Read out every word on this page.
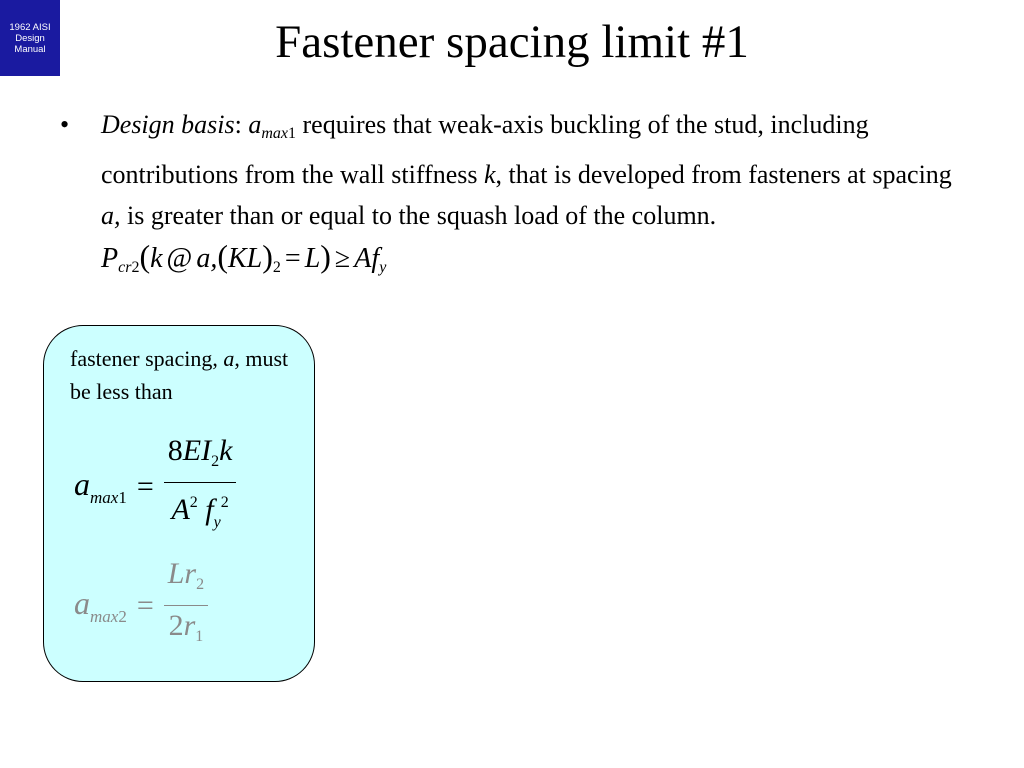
1962 AISI
Design
Manual	Fastener spacing limit #1
• Design basis: $a_{max}1$ requires that weak-axis buckling of the stud, including contributions from the wall stiffness k, that is developed from fasteners at spacing a, is greater than or equal to the squash load of the column. $P_{cr}2(k$ @ $a,(KL)2 = L) \ge Af_y$
fastener spacing, a, must be less than
$a_{max1} = \frac{8EI_2k}{A^2 f_y^2}$
$a_{max2} = \frac{Lr_2}{2r_1}$
